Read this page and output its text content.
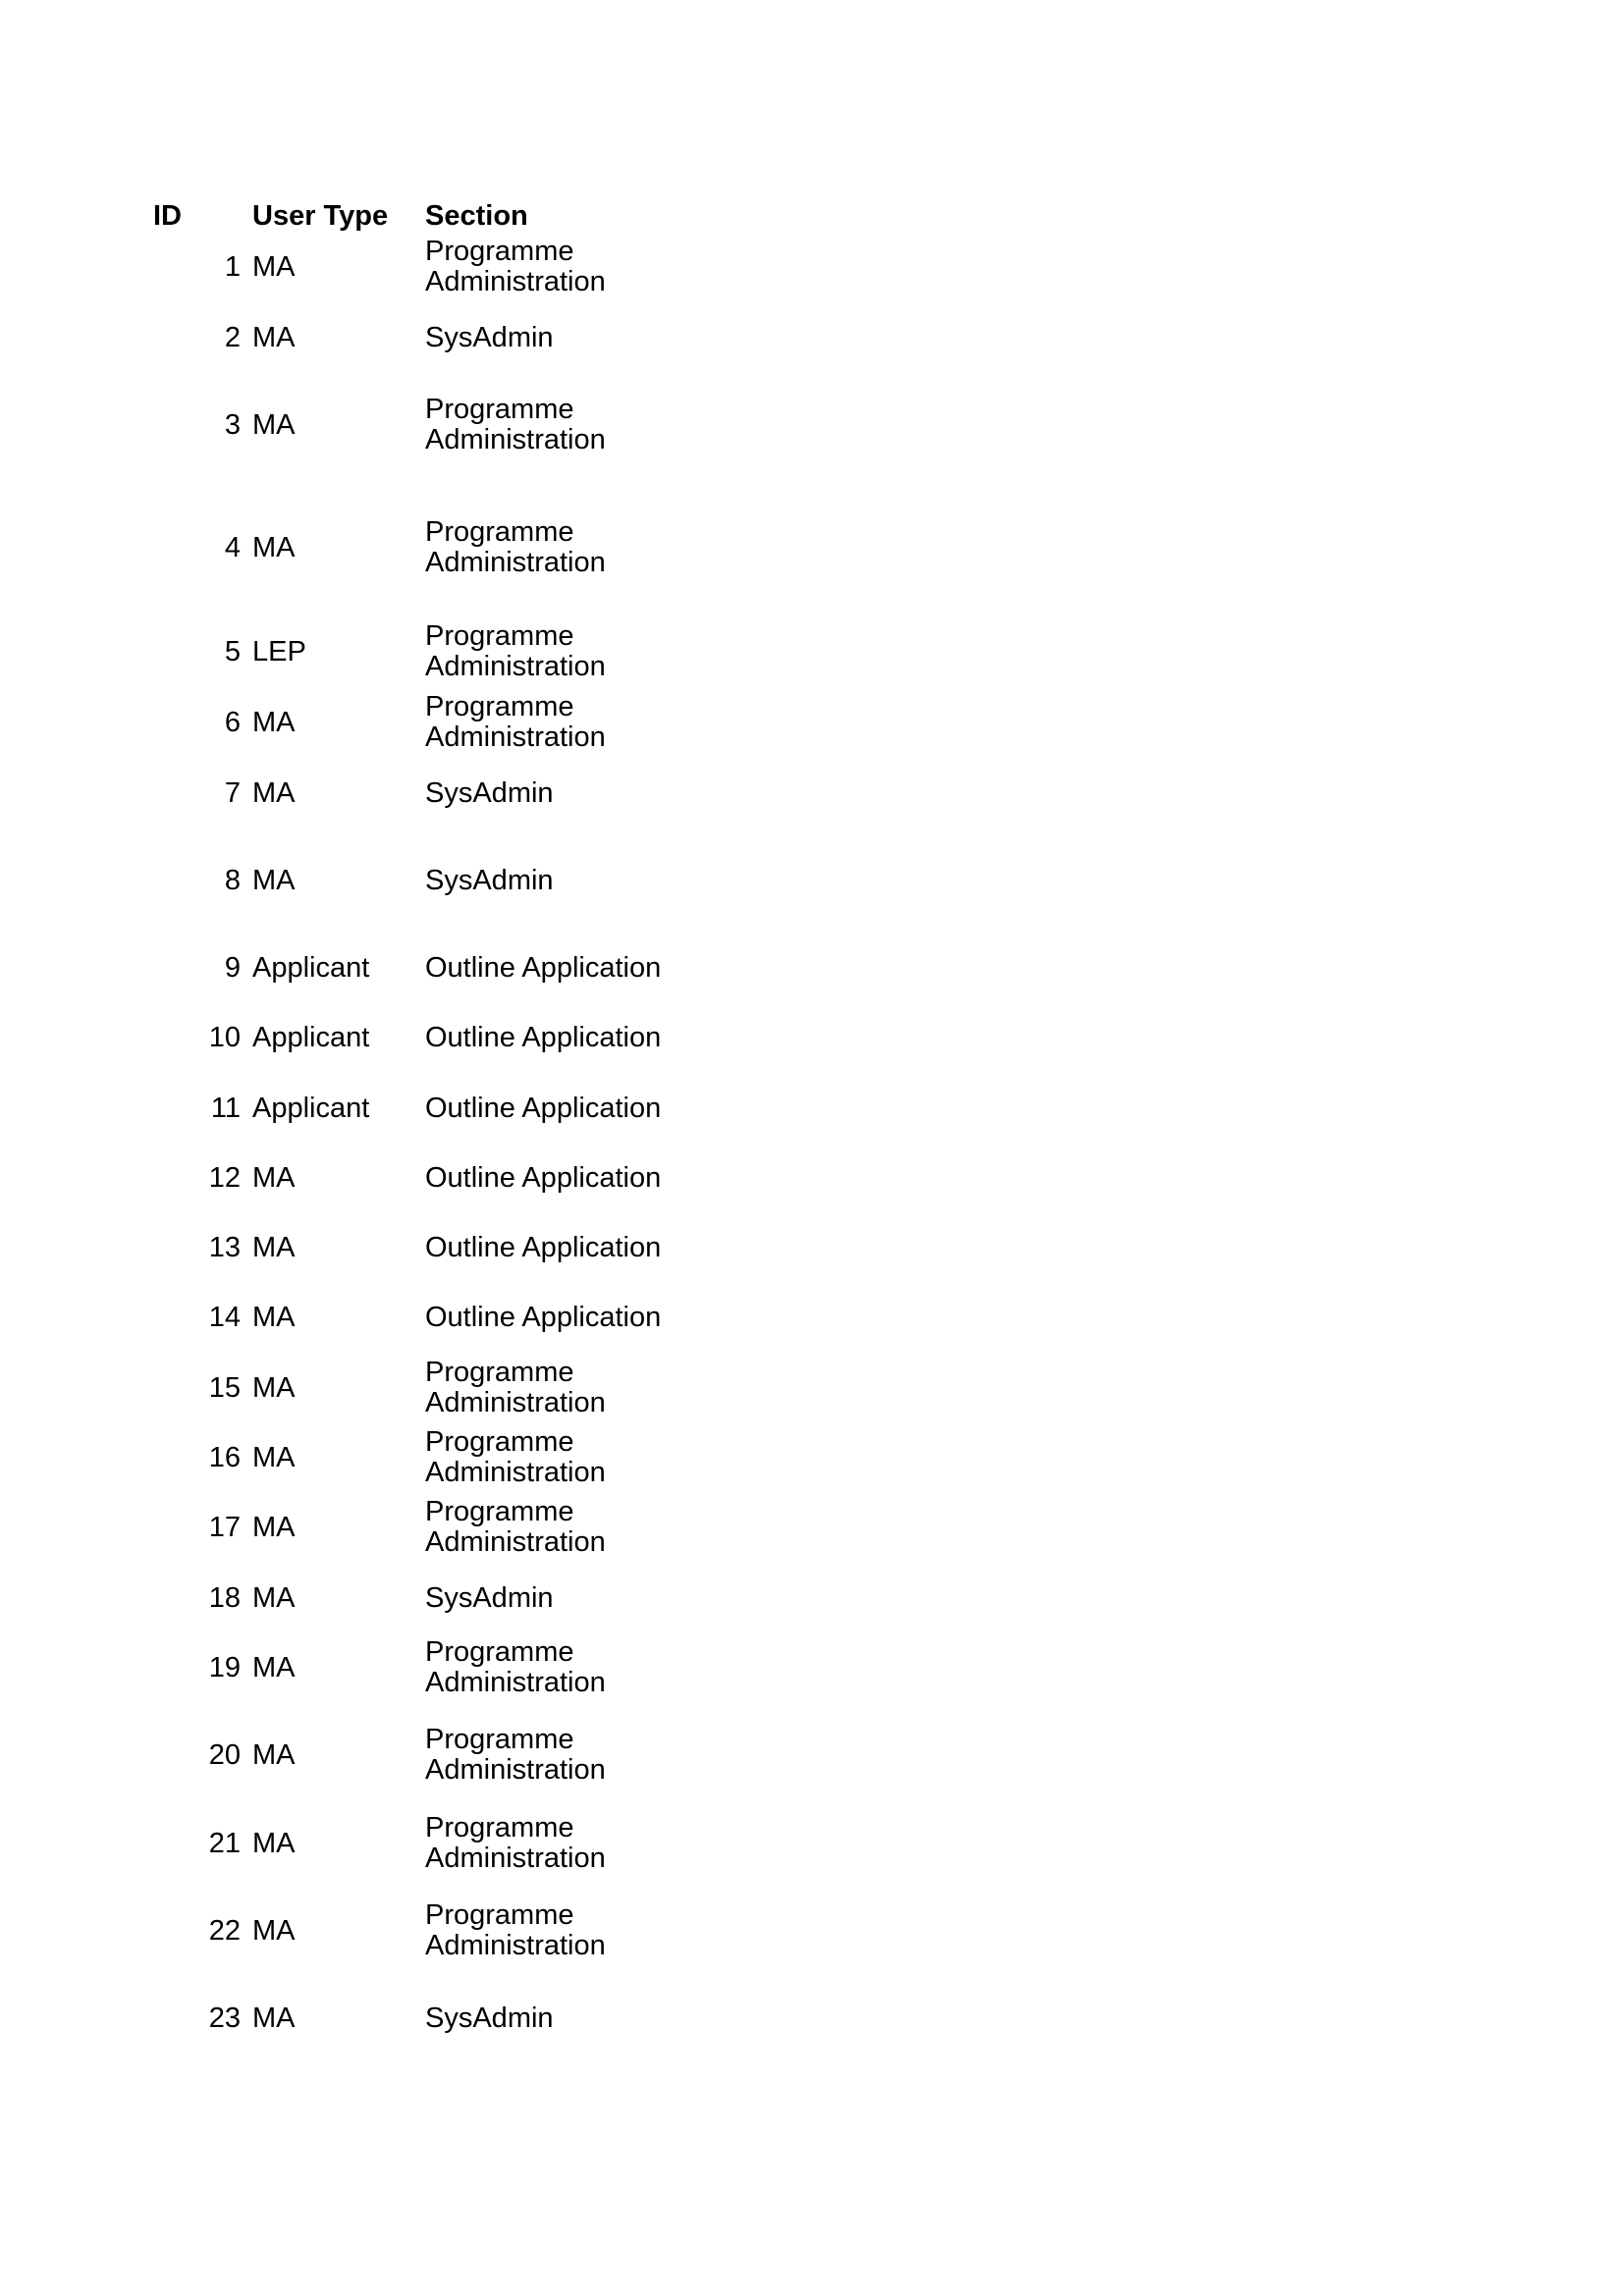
ID User Type Section
1 MA	Programme Administration
2 MA	SysAdmin
3 MA	Programme Administration
4 MA	Programme Administration
5 LEP	Programme Administration
6 MA	Programme Administration
7 MA	SysAdmin
8 MA	SysAdmin
9 Applicant Outline Application
10 Applicant Outline Application
11 Applicant Outline Application
12 MA	Outline Application
13 MA	Outline Application
14 MA	Outline Application
15 MA	Programme Administration
16 MA	Programme Administration
17 MA	Programme Administration
18 MA	SysAdmin
19 MA	Programme Administration
20 MA	Programme Administration
21 MA	Programme Administration
22 MA	Programme Administration
23 MA	SysAdmin
